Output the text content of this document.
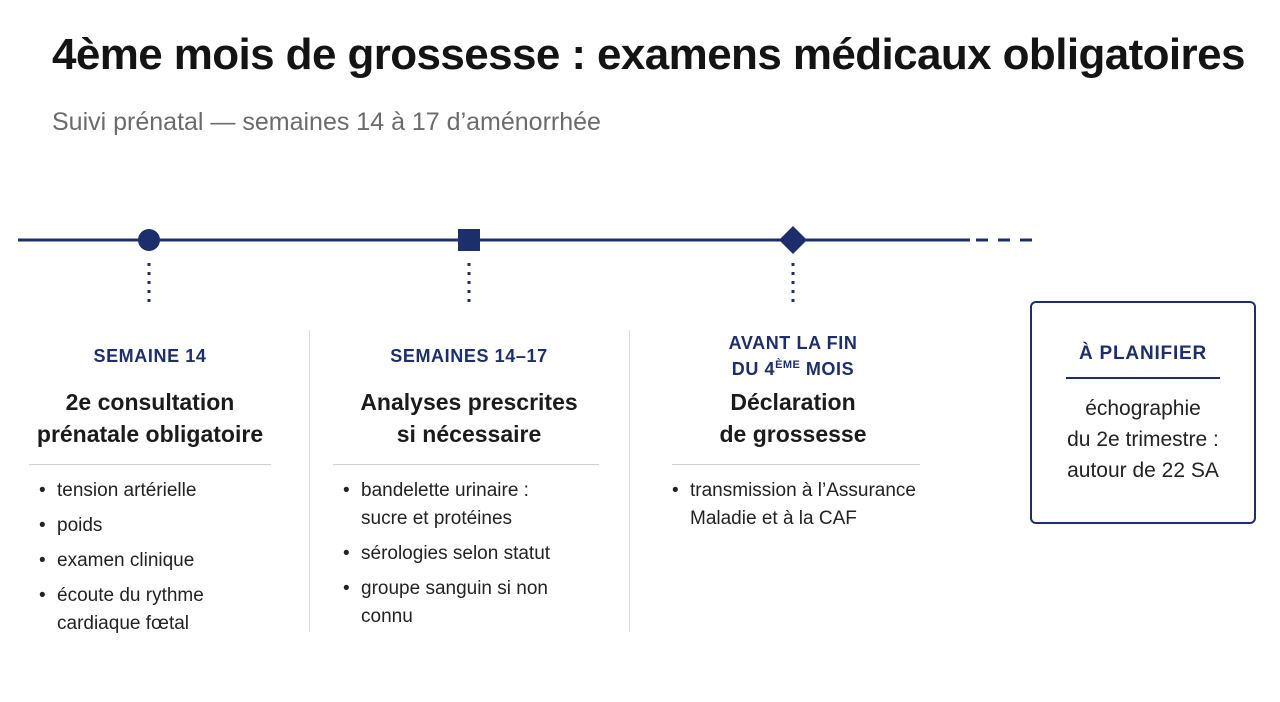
4ème mois de grossesse : examens médicaux obligatoires
Suivi prénatal — semaines 14 à 17 d’aménorrhée
SEMAINE 14
2e consultation
prénatale obligatoire
• tension artérielle
• poids
• examen clinique
• écoute du rythme
cardiaque fœtal
SEMAINES 14–17
Analyses prescrites
si nécessaire
• bandelette urinaire :
sucre et protéines
• sérologies selon statut
• groupe sanguin si non connu
AVANT LA FIN
DU 4ÈME MOIS
Déclaration
de grossesse
• transmission à l’Assurance
Maladie et à la CAF
À PLANIFIER
échographie
du 2e trimestre :
autour de 22 SA
